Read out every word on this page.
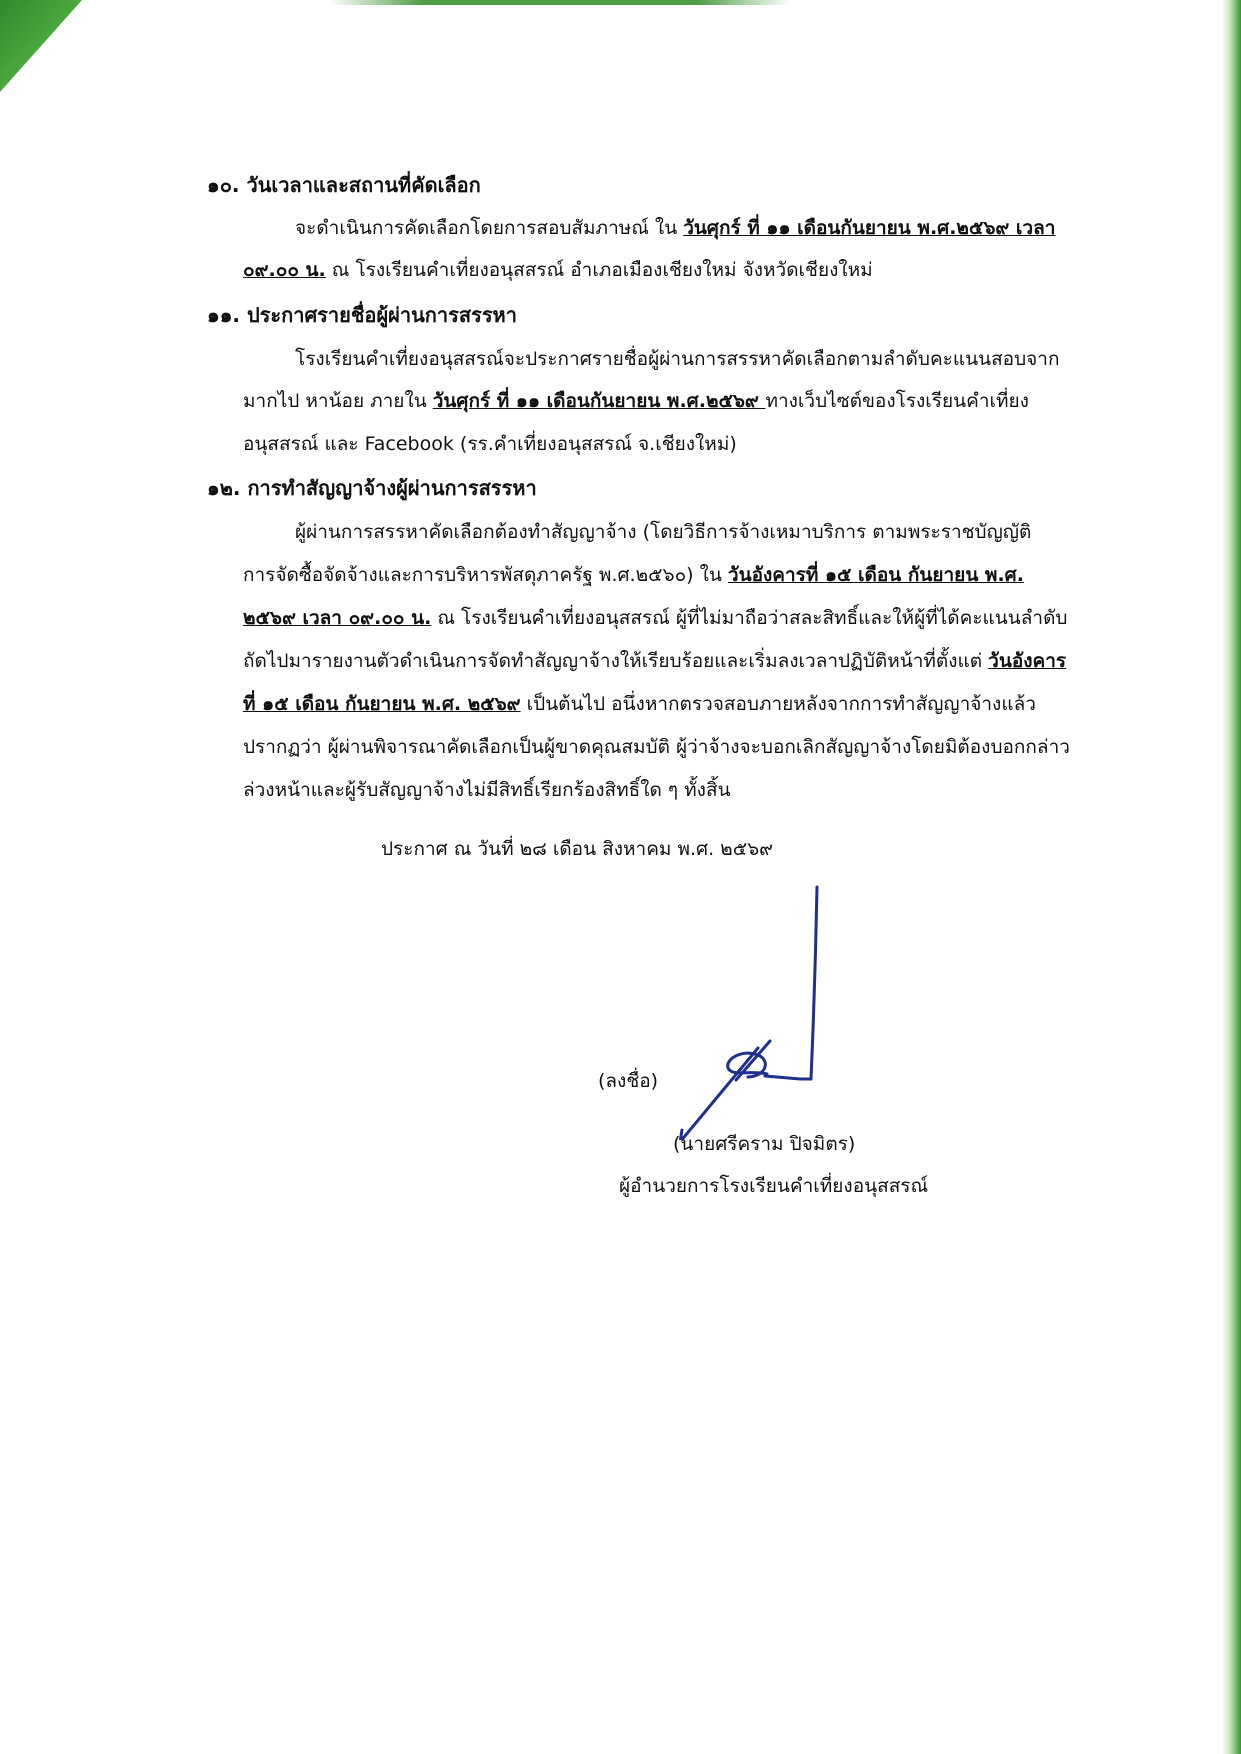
๑๐. วันเวลาและสถานที่คัดเลือก
จะดำเนินการคัดเลือกโดยการสอบสัมภาษณ์ ใน วันศุกร์ ที่ ๑๑ เดือนกันยายน พ.ศ.๒๕๖๙ เวลา
๐๙.๐๐ น. ณ โรงเรียนคำเที่ยงอนุสสรณ์ อำเภอเมืองเชียงใหม่ จังหวัดเชียงใหม่
๑๑. ประกาศรายชื่อผู้ผ่านการสรรหา
โรงเรียนคำเที่ยงอนุสสรณ์จะประกาศรายชื่อผู้ผ่านการสรรหาคัดเลือกตามลำดับคะแนนสอบจาก
มากไป หาน้อย ภายใน วันศุกร์ ที่ ๑๑ เดือนกันยายน พ.ศ.๒๕๖๙ ทางเว็บไซต์ของโรงเรียนคำเที่ยง
อนุสสรณ์ และ Facebook (รร.คำเที่ยงอนุสสรณ์ จ.เชียงใหม่)
๑๒. การทำสัญญาจ้างผู้ผ่านการสรรหา
ผู้ผ่านการสรรหาคัดเลือกต้องทำสัญญาจ้าง (โดยวิธีการจ้างเหมาบริการ ตามพระราชบัญญัติ
การจัดซื้อจัดจ้างและการบริหารพัสดุภาครัฐ พ.ศ.๒๕๖๐) ใน วันอังคารที่ ๑๕ เดือน กันยายน พ.ศ.
๒๕๖๙ เวลา ๐๙.๐๐ น. ณ โรงเรียนคำเที่ยงอนุสสรณ์ ผู้ที่ไม่มาถือว่าสละสิทธิ์และให้ผู้ที่ได้คะแนนลำดับ
ถัดไปมารายงานตัวดำเนินการจัดทำสัญญาจ้างให้เรียบร้อยและเริ่มลงเวลาปฏิบัติหน้าที่ตั้งแต่ วันอังคาร
ที่ ๑๕ เดือน กันยายน พ.ศ. ๒๕๖๙ เป็นต้นไป อนึ่งหากตรวจสอบภายหลังจากการทำสัญญาจ้างแล้ว
ปรากฏว่า ผู้ผ่านพิจารณาคัดเลือกเป็นผู้ขาดคุณสมบัติ ผู้ว่าจ้างจะบอกเลิกสัญญาจ้างโดยมิต้องบอกกล่าว
ล่วงหน้าและผู้รับสัญญาจ้างไม่มีสิทธิ์เรียกร้องสิทธิ์ใด ๆ ทั้งสิ้น
ประกาศ ณ วันที่ ๒๘ เดือน สิงหาคม พ.ศ. ๒๕๖๙
(ลงชื่อ)
(นายศรีคราม ปิจมิตร)
ผู้อำนวยการโรงเรียนคำเที่ยงอนุสสรณ์
